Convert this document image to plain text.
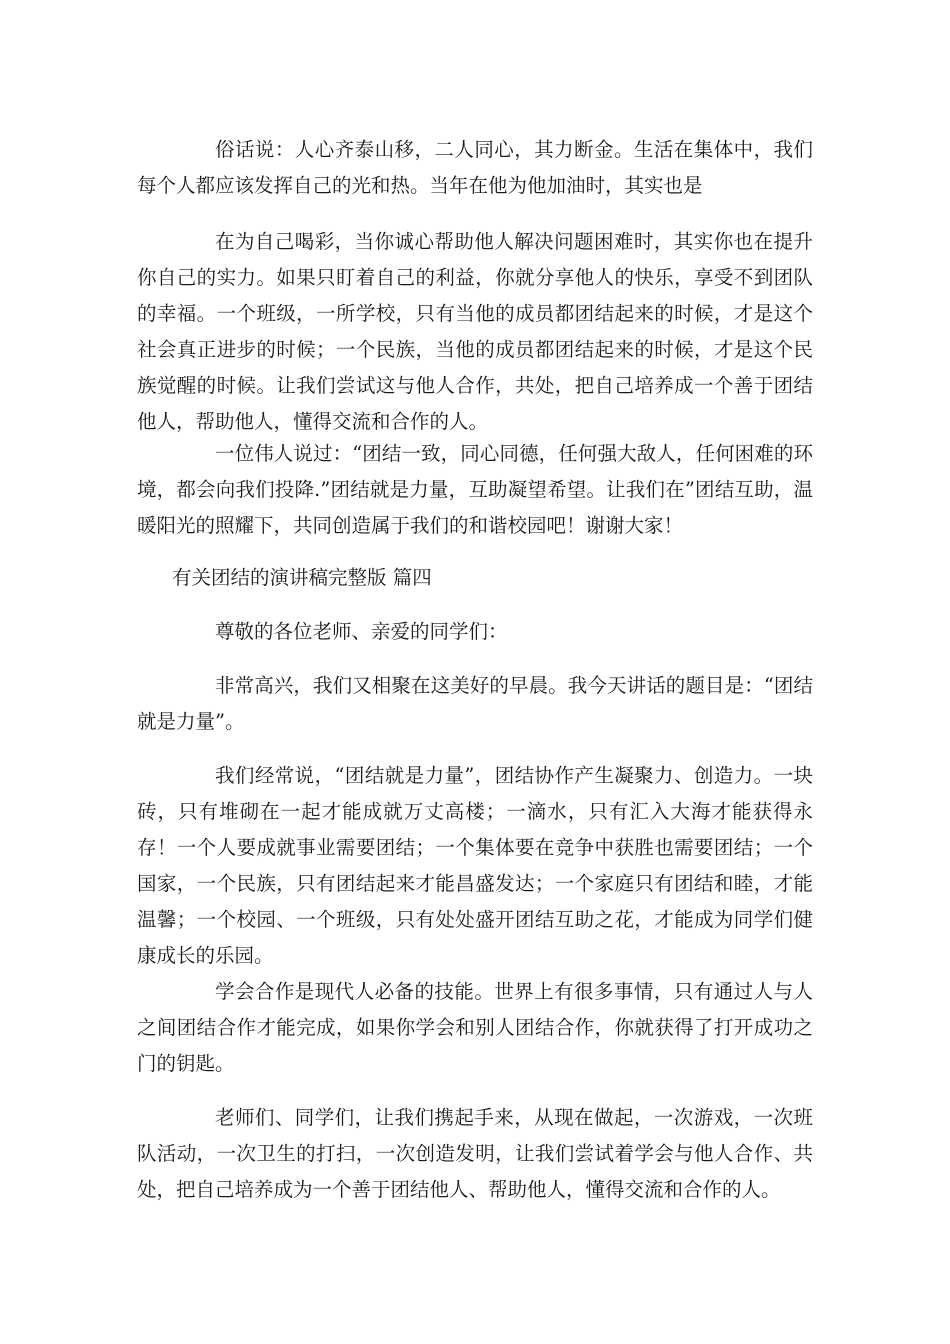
俗话说：人心齐泰山移，二人同心，其力断金。生活在集体中，我们每个人都应该发挥自己的光和热。当年在他为他加油时，其实也是

在为自己喝彩，当你诚心帮助他人解决问题困难时，其实你也在提升你自己的实力。如果只盯着自己的利益，你就分享他人的快乐，享受不到团队的幸福。一个班级，一所学校，只有当他的成员都团结起来的时候，才是这个社会真正进步的时候；一个民族，当他的成员都团结起来的时候，才是这个民族觉醒的时候。让我们尝试这与他人合作，共处，把自己培养成一个善于团结他人，帮助他人，懂得交流和合作的人。

一位伟人说过：“团结一致，同心同德，任何强大敌人，任何困难的环境，都会向我们投降.”团结就是力量，互助凝望希望。让我们在”团结互助，温暖阳光的照耀下，共同创造属于我们的和谐校园吧！谢谢大家！

有关团结的演讲稿完整版 篇四

尊敬的各位老师、亲爱的同学们：

非常高兴，我们又相聚在这美好的早晨。我今天讲话的题目是：“团结就是力量”。

我们经常说，“团结就是力量”，团结协作产生凝聚力、创造力。一块砖，只有堆砌在一起才能成就万丈高楼；一滴水，只有汇入大海才能获得永存！一个人要成就事业需要团结；一个集体要在竞争中获胜也需要团结；一个国家，一个民族，只有团结起来才能昌盛发达；一个家庭只有团结和睦，才能温馨；一个校园、一个班级，只有处处盛开团结互助之花，才能成为同学们健康成长的乐园。

学会合作是现代人必备的技能。世界上有很多事情，只有通过人与人之间团结合作才能完成，如果你学会和别人团结合作，你就获得了打开成功之门的钥匙。

老师们、同学们，让我们携起手来，从现在做起，一次游戏，一次班队活动，一次卫生的打扫，一次创造发明，让我们尝试着学会与他人合作、共处，把自己培养成为一个善于团结他人、帮助他人，懂得交流和合作的人。
